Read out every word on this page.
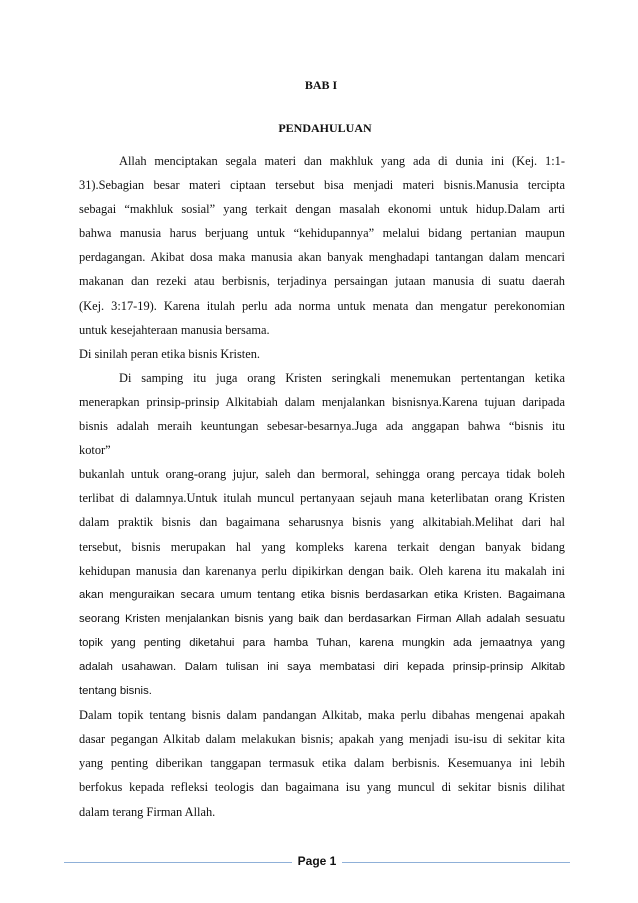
BAB I
PENDAHULUAN
Allah menciptakan segala materi dan makhluk yang ada di dunia ini (Kej. 1:1-
31).Sebagian besar materi ciptaan tersebut bisa menjadi materi bisnis.Manusia tercipta
sebagai “makhluk sosial” yang terkait dengan masalah ekonomi untuk hidup.Dalam arti
bahwa manusia harus berjuang untuk “kehidupannya” melalui bidang pertanian maupun
perdagangan. Akibat dosa maka manusia akan banyak menghadapi tantangan dalam mencari
makanan dan rezeki atau berbisnis, terjadinya persaingan jutaan manusia di suatu daerah
(Kej. 3:17-19). Karena itulah perlu ada norma untuk menata dan mengatur perekonomian
untuk kesejahteraan manusia bersama.
Di sinilah peran etika bisnis Kristen.
Di samping itu juga orang Kristen seringkali menemukan pertentangan ketika
menerapkan prinsip-prinsip Alkitabiah dalam menjalankan bisnisnya.Karena tujuan daripada
bisnis adalah meraih keuntungan sebesar-besarnya.Juga ada anggapan bahwa “bisnis itu
kotor”
bukanlah untuk orang-orang jujur, saleh dan bermoral, sehingga orang percaya tidak boleh
terlibat di dalamnya.Untuk itulah muncul pertanyaan sejauh mana keterlibatan orang Kristen
dalam praktik bisnis dan bagaimana seharusnya bisnis yang alkitabiah.Melihat dari hal
tersebut, bisnis merupakan hal yang kompleks karena terkait dengan banyak bidang
kehidupan manusia dan karenanya perlu dipikirkan dengan baik. Oleh karena itu makalah ini
akan menguraikan secara umum tentang etika bisnis berdasarkan etika Kristen. Bagaimana
seorang Kristen menjalankan bisnis yang baik dan berdasarkan Firman Allah adalah sesuatu
topik yang penting diketahui para hamba Tuhan, karena mungkin ada jemaatnya yang
adalah usahawan. Dalam tulisan ini saya membatasi diri kepada prinsip-prinsip Alkitab
tentang bisnis.
Dalam topik tentang bisnis dalam pandangan Alkitab, maka perlu dibahas mengenai apakah
dasar pegangan Alkitab dalam melakukan bisnis; apakah yang menjadi isu-isu di sekitar kita
yang penting diberikan tanggapan termasuk etika dalam berbisnis. Kesemuanya ini lebih
berfokus kepada refleksi teologis dan bagaimana isu yang muncul di sekitar bisnis dilihat
dalam terang Firman Allah.
Page 1
